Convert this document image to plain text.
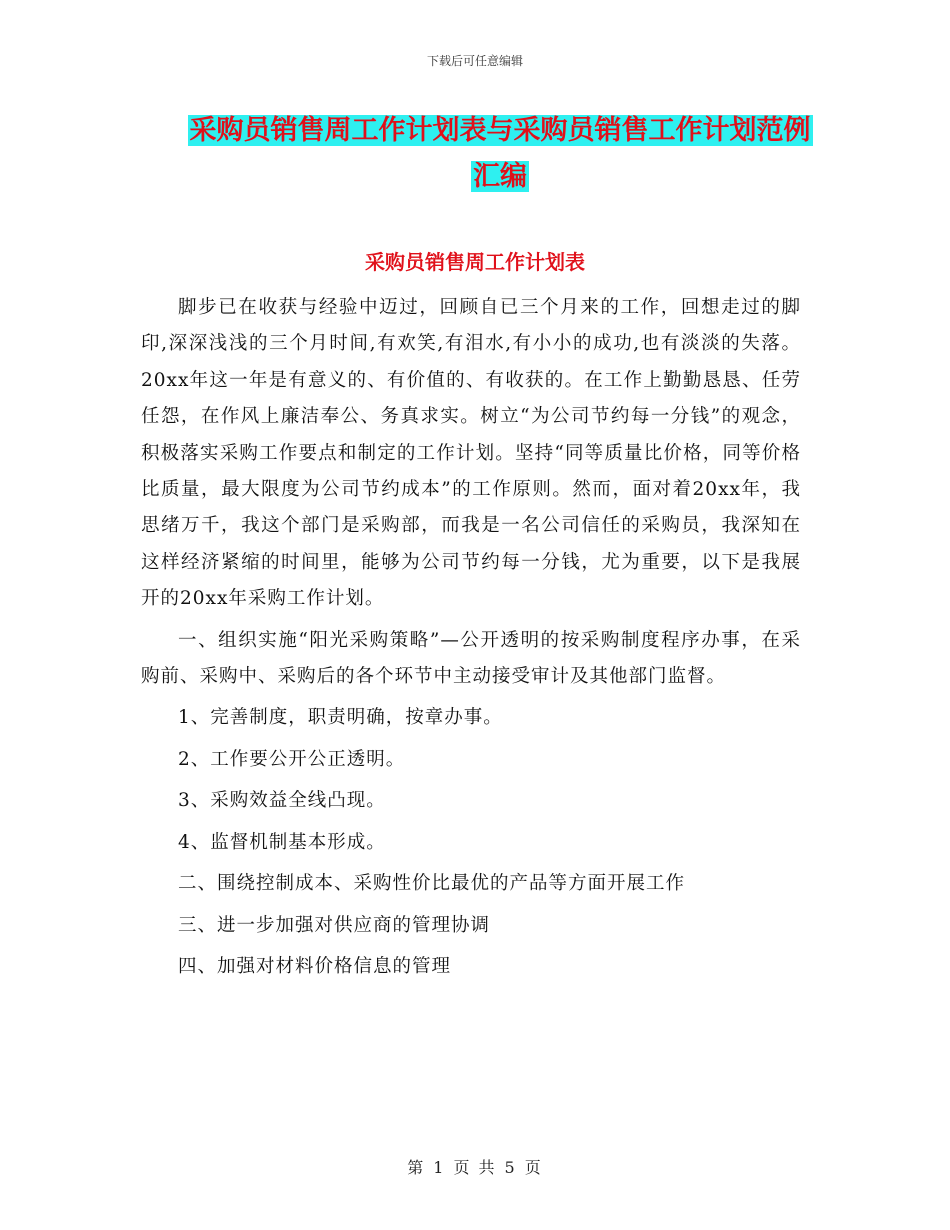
下载后可任意编辑
采购员销售周工作计划表与采购员销售工作计划范例
汇编
采购员销售周工作计划表

脚步已在收获与经验中迈过，回顾自已三个月来的工作，回想走过的脚印,深深浅浅的三个月时间,有欢笑,有泪水,有小小的成功,也有淡淡的失落。20xx年这一年是有意义的、有价值的、有收获的。在工作上勤勤恳恳、任劳任怨，在作风上廉洁奉公、务真求实。树立“为公司节约每一分钱”的观念，积极落实采购工作要点和制定的工作计划。坚持“同等质量比价格，同等价格比质量，最大限度为公司节约成本”的工作原则。然而，面对着20xx年，我思绪万千，我这个部门是采购部，而我是一名公司信任的采购员，我深知在这样经济紧缩的时间里，能够为公司节约每一分钱，尤为重要，以下是我展开的20xx年采购工作计划。

一、组织实施“阳光采购策略”—公开透明的按采购制度程序办事，在采购前、采购中、采购后的各个环节中主动接受审计及其他部门监督。

1、完善制度，职责明确，按章办事。

2、工作要公开公正透明。

3、采购效益全线凸现。

4、监督机制基本形成。

二、围绕控制成本、采购性价比最优的产品等方面开展工作

三、进一步加强对供应商的管理协调

四、加强对材料价格信息的管理

第 1 页 共 5 页
